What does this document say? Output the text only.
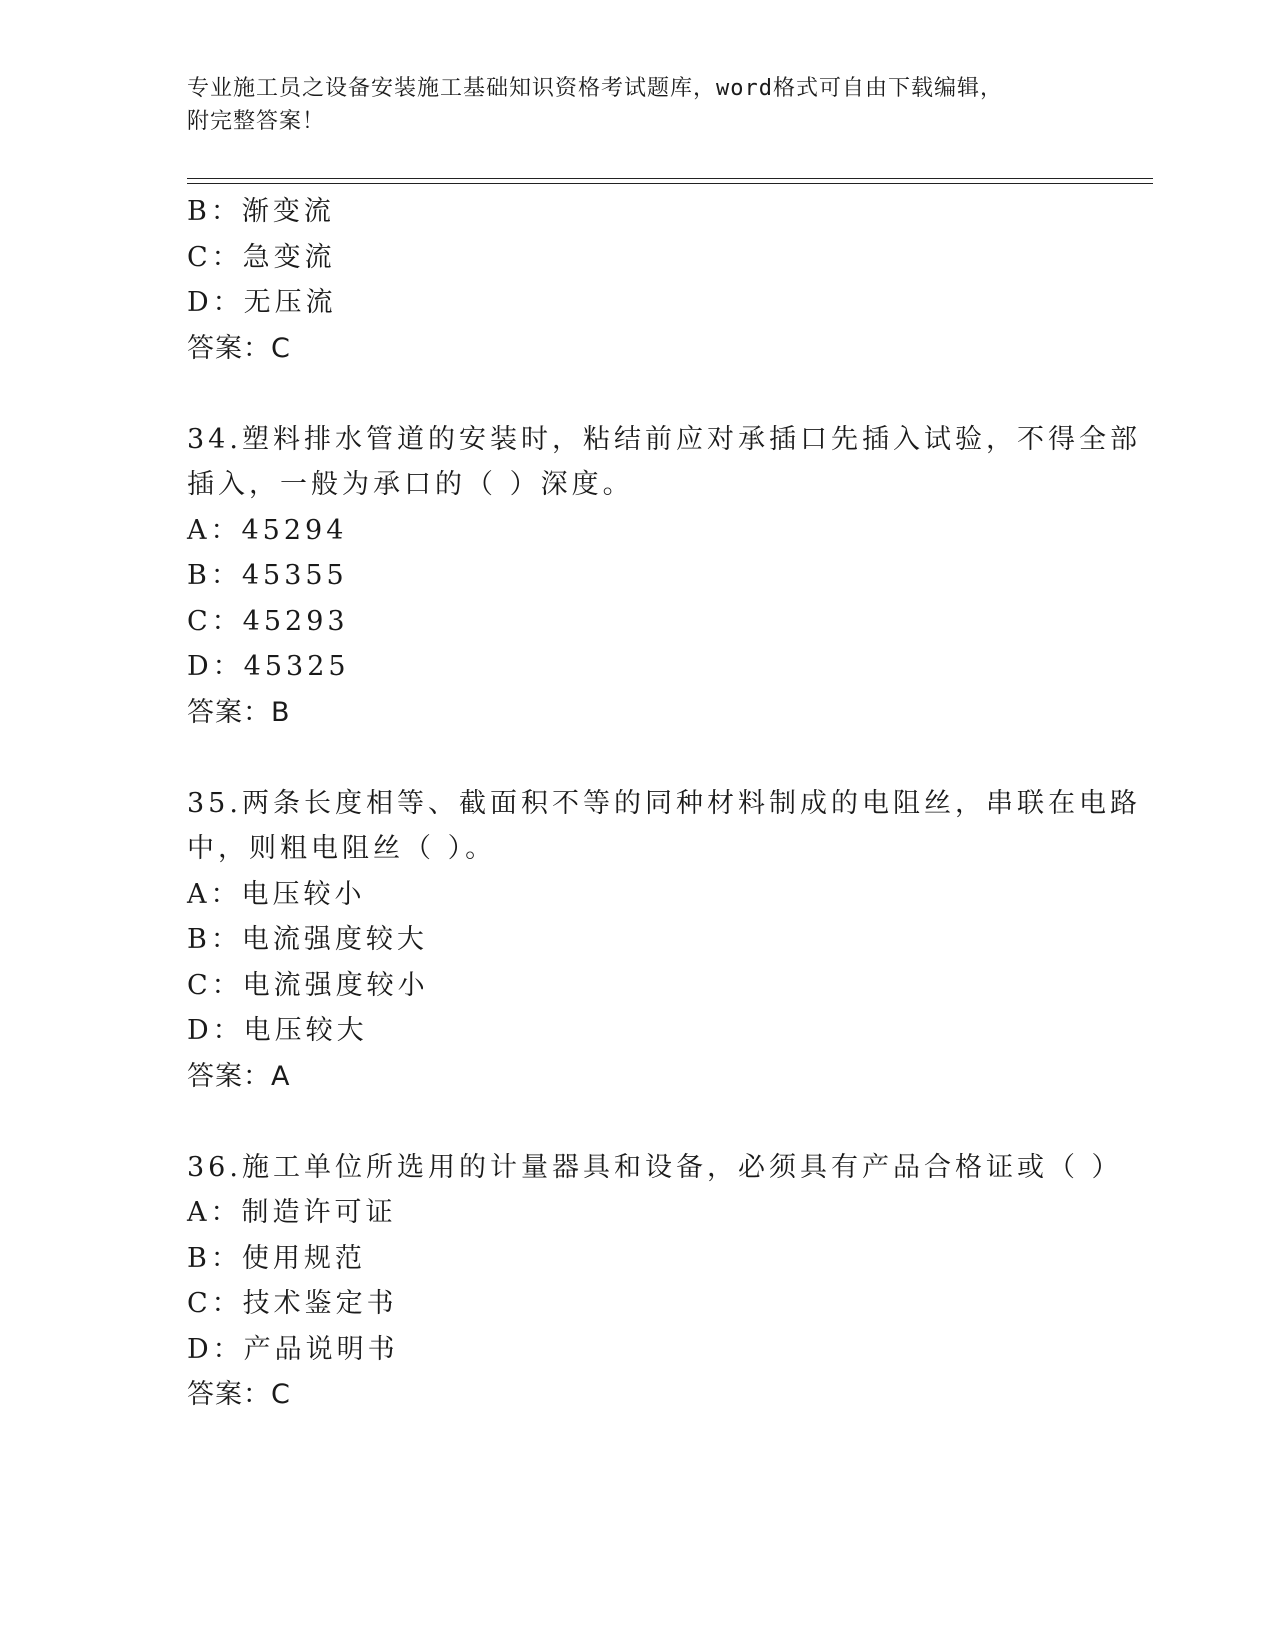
专业施工员之设备安装施工基础知识资格考试题库，word格式可自由下载编辑，
附完整答案！
B：渐变流
C：急变流
D：无压流
答案：C
34.塑料排水管道的安装时，粘结前应对承插口先插入试验，不得全部
插入，一般为承口的（ ）深度。
A：45294
B：45355
C：45293
D：45325
答案：B
35.两条长度相等、截面积不等的同种材料制成的电阻丝，串联在电路
中，则粗电阻丝（ ）。
A：电压较小
B：电流强度较大
C：电流强度较小
D：电压较大
答案：A
36.施工单位所选用的计量器具和设备，必须具有产品合格证或（ ）
A：制造许可证
B：使用规范
C：技术鉴定书
D：产品说明书
答案：C
